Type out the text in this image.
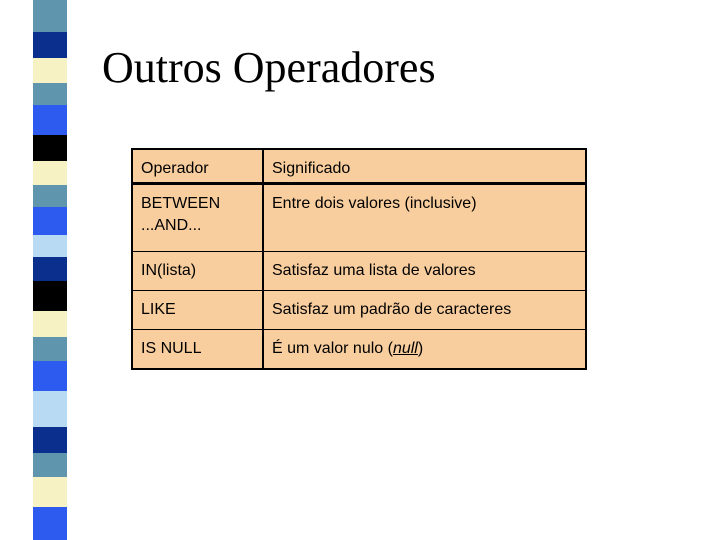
Outros Operadores
Operador	Significado
BETWEEN ...AND...	Entre dois valores (inclusive)
IN(lista)	Satisfaz uma lista de valores
LIKE	Satisfaz um padrão de caracteres
IS NULL	É um valor nulo (null)
